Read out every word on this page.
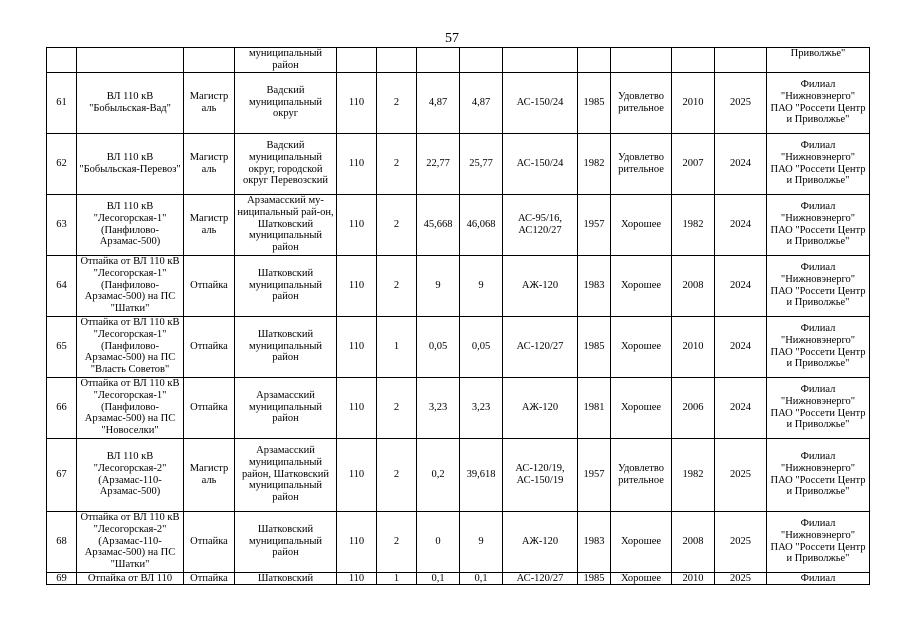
57
			муниципальный район										Приволжье"
61	ВЛ 110 кВ "Бобыльская-Вад"	Магистр аль	Вадский муниципальный округ	110	2	4,87	4,87	АС-150/24	1985	Удовлетво рительное	2010	2025	Филиал "Нижновэнерго" ПАО "Россети Центр и Приволжье"
62	ВЛ 110 кВ "Бобыльская-Перевоз"	Магистр аль	Вадский муниципальный округ, городской округ Перевозский	110	2	22,77	25,77	АС-150/24	1982	Удовлетво рительное	2007	2024	Филиал "Нижновэнерго" ПАО "Россети Центр и Приволжье"
63	ВЛ 110 кВ "Лесогорская-1" (Панфилово-Арзамас-500)	Магистр аль	Арзамасский му-ниципальный рай-он, Шатковский муниципальный район	110	2	45,668	46,068	АС-95/16, АС120/27	1957	Хорошее	1982	2024	Филиал "Нижновэнерго" ПАО "Россети Центр и Приволжье"
64	Отпайка от ВЛ 110 кВ "Лесогорская-1" (Панфилово-Арзамас-500) на ПС "Шатки"	Отпайка	Шатковский муниципальный район	110	2	9	9	АЖ-120	1983	Хорошее	2008	2024	Филиал "Нижновэнерго" ПАО "Россети Центр и Приволжье"
65	Отпайка от ВЛ 110 кВ "Лесогорская-1" (Панфилово-Арзамас-500) на ПС "Власть Советов"	Отпайка	Шатковский муниципальный район	110	1	0,05	0,05	АС-120/27	1985	Хорошее	2010	2024	Филиал "Нижновэнерго" ПАО "Россети Центр и Приволжье"
66	Отпайка от ВЛ 110 кВ "Лесогорская-1" (Панфилово-Арзамас-500) на ПС "Новоселки"	Отпайка	Арзамасский муниципальный район	110	2	3,23	3,23	АЖ-120	1981	Хорошее	2006	2024	Филиал "Нижновэнерго" ПАО "Россети Центр и Приволжье"
67	ВЛ 110 кВ "Лесогорская-2" (Арзамас-110-Арзамас-500)	Магистр аль	Арзамасский муниципальный район, Шатковский муниципальный район	110	2	0,2	39,618	АС-120/19, АС-150/19	1957	Удовлетво рительное	1982	2025	Филиал "Нижновэнерго" ПАО "Россети Центр и Приволжье"
68	Отпайка от ВЛ 110 кВ "Лесогорская-2" (Арзамас-110-Арзамас-500) на ПС "Шатки"	Отпайка	Шатковский муниципальный район	110	2	0	9	АЖ-120	1983	Хорошее	2008	2025	Филиал "Нижновэнерго" ПАО "Россети Центр и Приволжье"
69	Отпайка от ВЛ 110	Отпайка	Шатковский	110	1	0,1	0,1	АС-120/27	1985	Хорошее	2010	2025	Филиал
